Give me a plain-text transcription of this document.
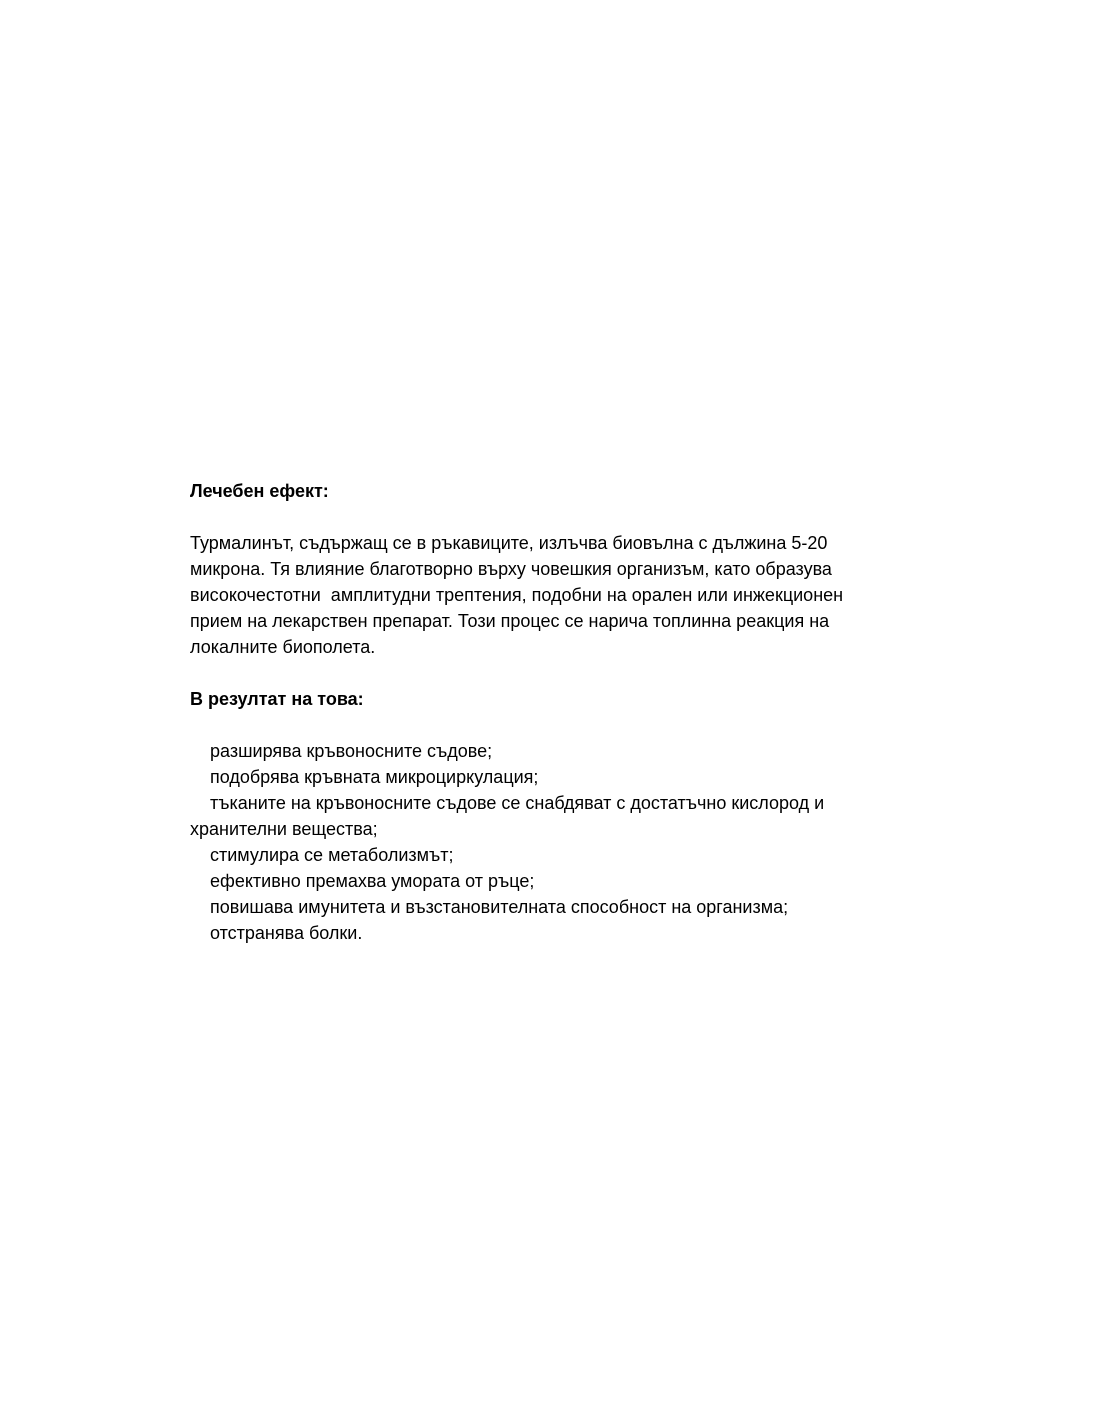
Лечебен ефект:

Турмалинът, съдържащ се в ръкавиците, излъчва биовълна с дължина 5-20

микрона. Тя влияние благотворно върху човешкия организъм, като образува

високочестотни  амплитудни трептения, подобни на орален или инжекционен

прием на лекарствен препарат. Този процес се нарича топлинна реакция на

локалните биополета.

В резултат на това:

разширява кръвоносните съдове;

подобрява кръвната микроциркулация;

тъканите на кръвоносните съдове се снабдяват с достатъчно кислород и

хранителни вещества;

стимулира се метаболизмът;

ефективно премахва умората от ръце;

повишава имунитета и възстановителната способност на организма;

отстранява болки.
